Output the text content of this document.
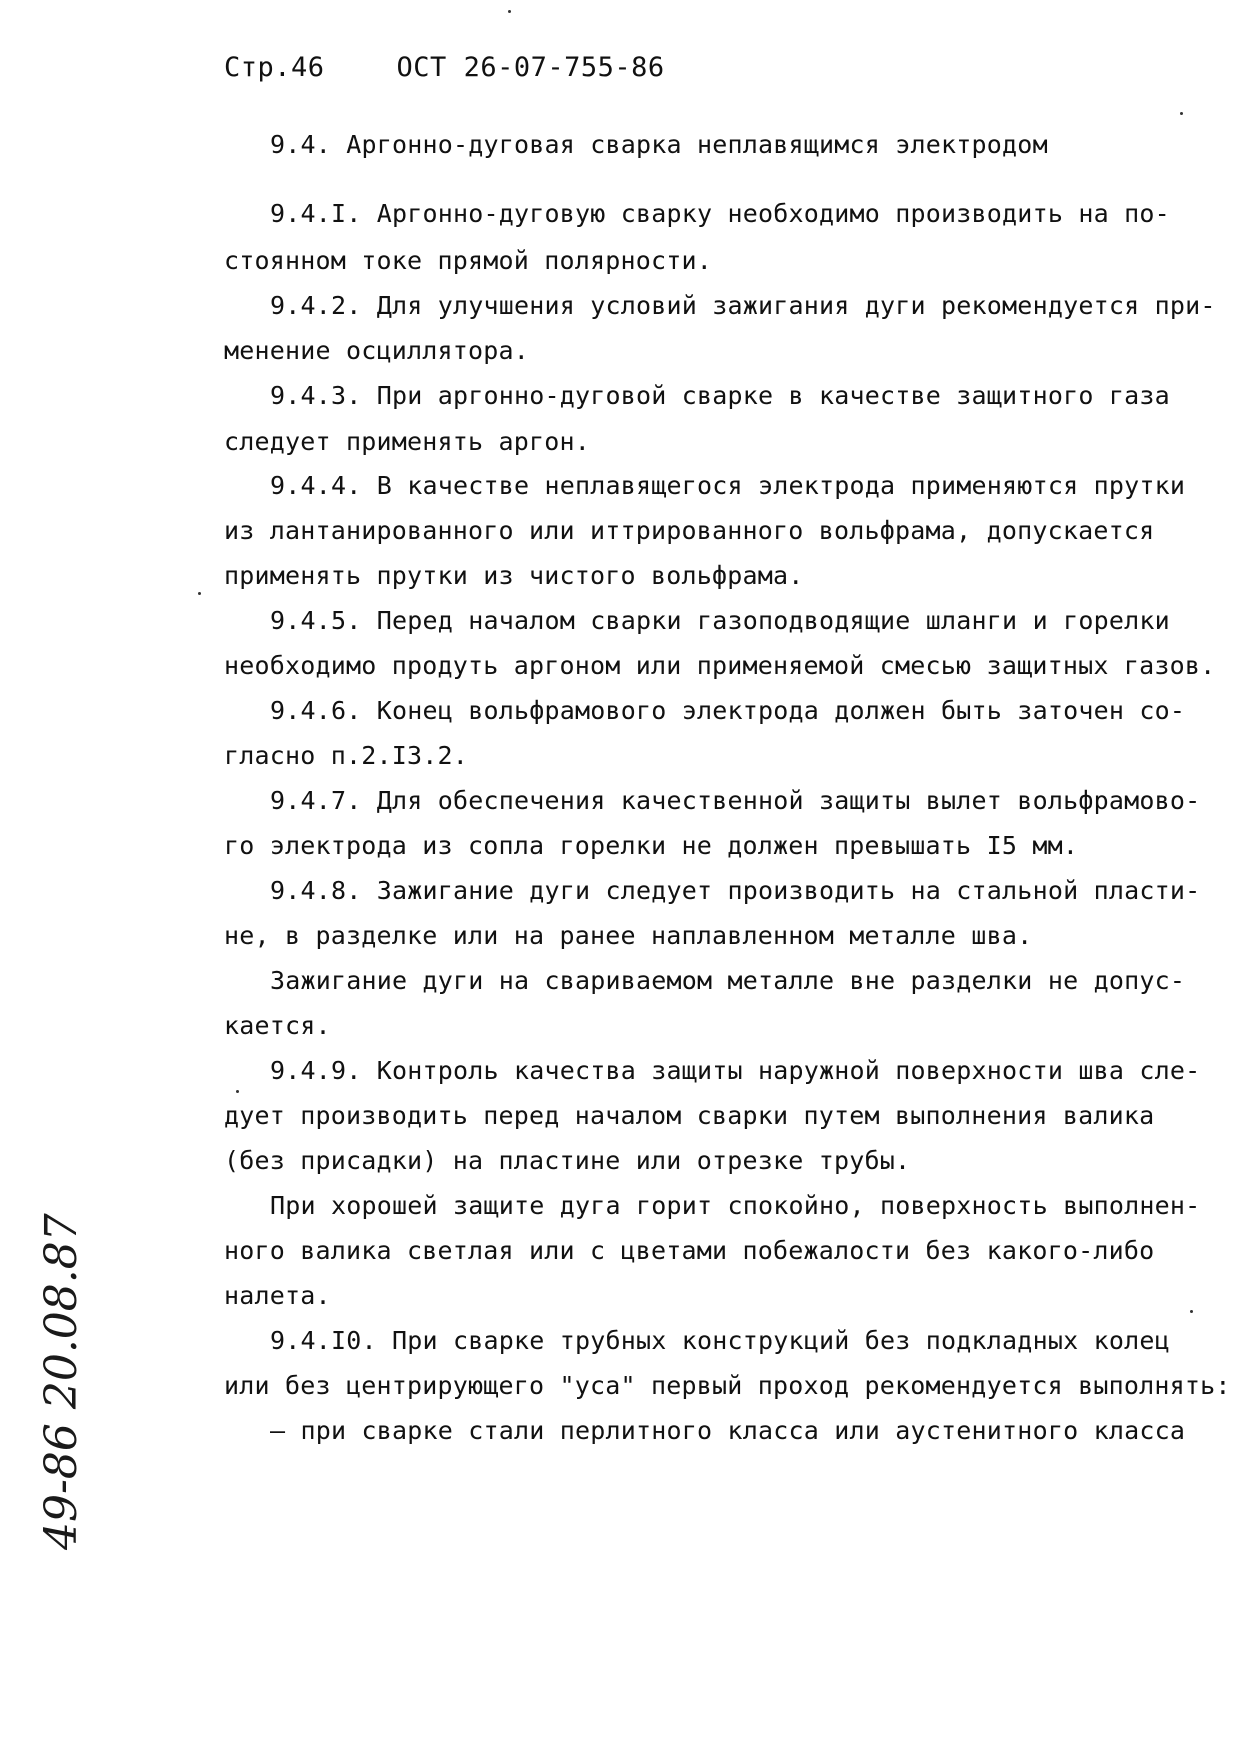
Стр.46	ОСТ 26-07-755-86
9.4. Аргонно-дуговая сварка неплавящимся электродом
9.4.I. Аргонно-дуговую сварку необходимо производить на по-
стоянном токе прямой полярности.
9.4.2. Для улучшения условий зажигания дуги рекомендуется при-
менение осциллятора.
9.4.3. При аргонно-дуговой сварке в качестве защитного газа
следует применять аргон.
9.4.4. В качестве неплавящегося электрода применяются прутки
из лантанированного или иттрированного вольфрама, допускается
применять прутки из чистого вольфрама.
9.4.5. Перед началом сварки газоподводящие шланги и горелки
необходимо продуть аргоном или применяемой смесью защитных газов.
9.4.6. Конец вольфрамового электрода должен быть заточен со-
гласно п.2.I3.2.
9.4.7. Для обеспечения качественной защиты вылет вольфрамово-
го электрода из сопла горелки не должен превышать I5 мм.
9.4.8. Зажигание дуги следует производить на стальной пласти-
не, в разделке или на ранее наплавленном металле шва.
Зажигание дуги на свариваемом металле вне разделки не допус-
кается.
9.4.9. Контроль качества защиты наружной поверхности шва сле-
дует производить перед началом сварки путем выполнения валика
(без присадки) на пластине или отрезке трубы.
При хорошей защите дуга горит спокойно, поверхность выполнен-
ного валика светлая или с цветами побежалости без какого-либо
налета.
9.4.I0. При сварке трубных конструкций без подкладных колец
или без центрирующего "уса" первый проход рекомендуется выполнять:
– при сварке стали перлитного класса или аустенитного класса
49-86 20.08.87
